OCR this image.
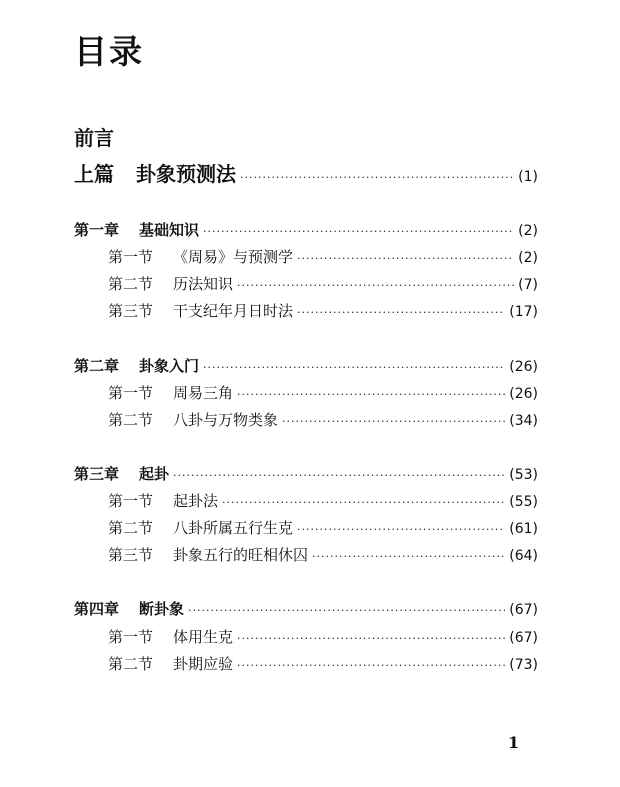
目录
前言
上篇 卦象预测法 ·····	(1)
第一章 基础知识 ·····	(2)
第一节 《周易》与预测学 ·····	(2)
第二节 历法知识 ·····	(7)
第三节 干支纪年月日时法 ·····	(17)
第二章 卦象入门 ·····	(26)
第一节 周易三角 ·····	(26)
第二节 八卦与万物类象 ·····	(34)
第三章 起卦 ·····	(53)
第一节 起卦法 ·····	(55)
第二节 八卦所属五行生克 ·····	(61)
第三节 卦象五行的旺相休囚 ·····	(64)
第四章 断卦象 ·····	(67)
第一节 体用生克 ·····	(67)
第二节 卦期应验 ·····	(73)
1
